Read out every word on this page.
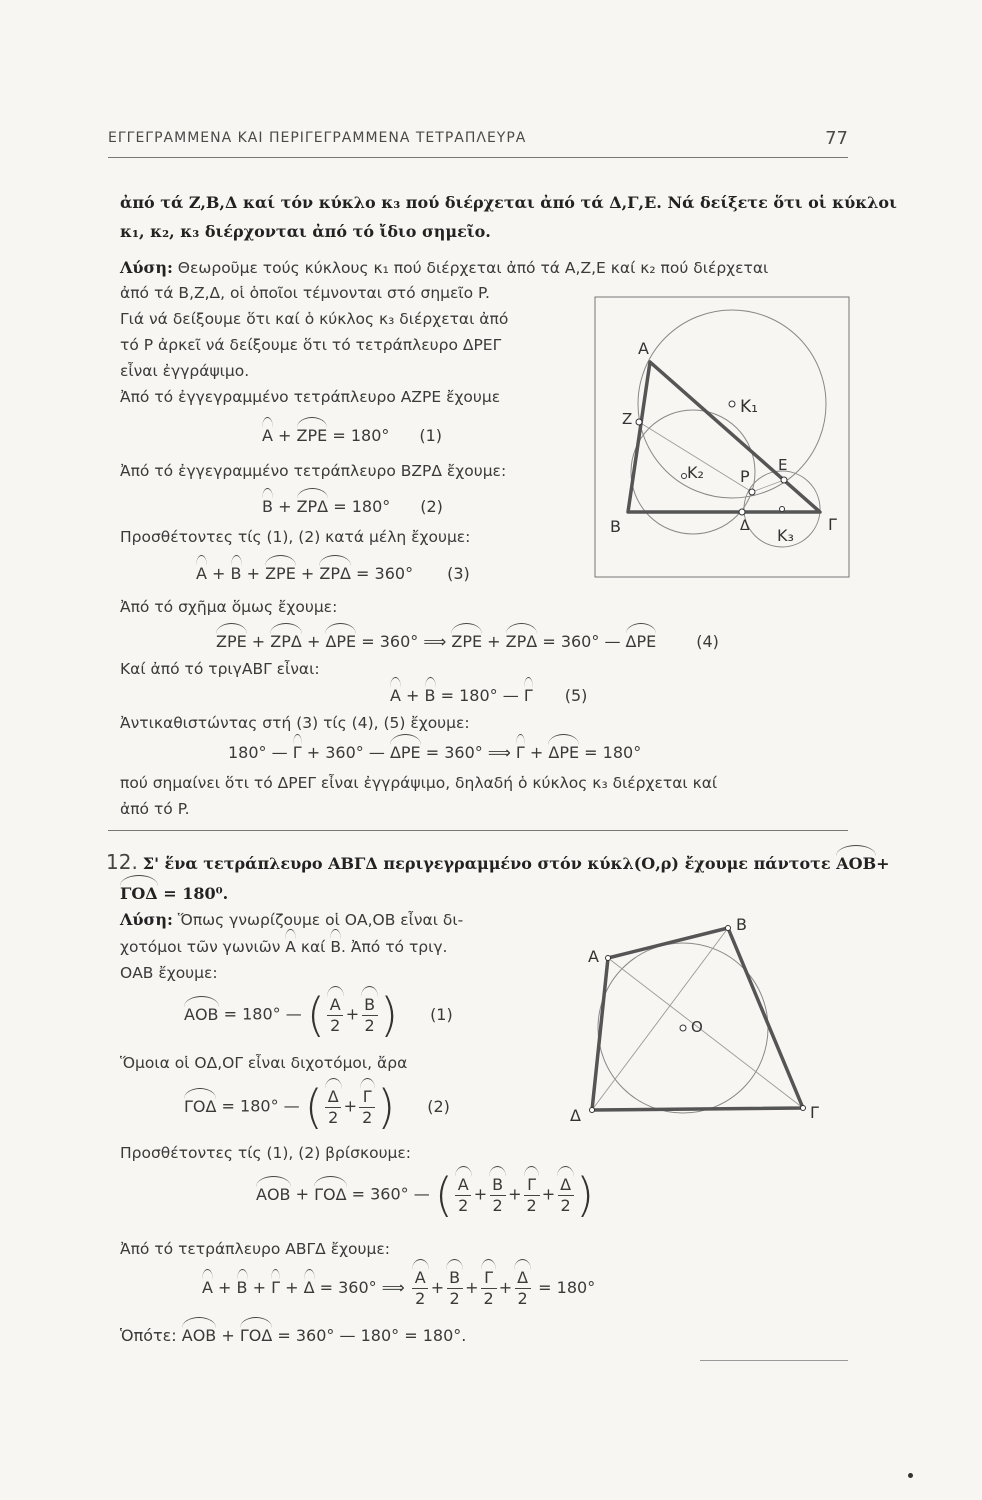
ΕΓΓΕΓΡΑΜΜΕΝΑ ΚΑΙ ΠΕΡΙΓΕΓΡΑΜΜΕΝΑ ΤΕΤΡΑΠΛΕΥΡΑ	77
ἀπό τά Z,B,Δ καί τόν κύκλο κ₃ πού διέρχεται ἀπό τά Δ,Γ,Ε. Νά δείξετε ὅτι οἱ κύκλοι
κ₁, κ₂, κ₃ διέρχονται ἀπό τό ἴδιο σημεῖο.
Λύση: Θεωροῦμε τούς κύκλους κ₁ πού διέρχεται ἀπό τά Α,Ζ,Ε καί κ₂ πού διέρχεται
ἀπό τά Β,Ζ,Δ, οἱ ὁποῖοι τέμνονται στό σημεῖο P.
Γιά νά δείξουμε ὅτι καί ὁ κύκλος κ₃ διέρχεται ἀπό
τό P ἀρκεῖ νά δείξουμε ὅτι τό τετράπλευρο ΔΡΕΓ
εἶναι ἐγγράψιμο.
Ἀπό τό ἐγγεγραμμένο τετράπλευρο ΑΖΡΕ ἔχουμε
Α + ΖΡΕ = 180° (1)
Ἀπό τό ἐγγεγραμμένο τετράπλευρο ΒΖΡΔ ἔχουμε:
Β + ΖΡΔ = 180° (2)
Προσθέτοντες τίς (1), (2) κατά μέλη ἔχουμε:
Α + Β + ΖΡΕ + ΖΡΔ = 360° (3)
Ἀπό τό σχῆμα ὅμως ἔχουμε:
ΖΡΕ + ΖΡΔ + ΔΡΕ = 360° ⟹ ΖΡΕ + ΖΡΔ = 360° — ΔΡΕ	(4)
Καί ἀπό τό τριγΑΒΓ εἶναι:
Α + Β = 180° — Γ (5)
Ἀντικαθιστώντας στή (3) τίς (4), (5) ἔχουμε:
180° — Γ + 360° — ΔΡΕ = 360° ⟹ Γ + ΔΡΕ = 180°
πού σημαίνει ὅτι τό ΔΡΕΓ εἶναι ἐγγράψιμο, δηλαδή ὁ κύκλος κ₃ διέρχεται καί
ἀπό τό P.
Α
Z
Β	Γ
Δ
Ε
P
K₁
K₂
K₃
12. Σ' ἕνα τετράπλευρο ΑΒΓΔ περιγεγραμμένο στόν κύκλ(Ο,ρ) ἔχουμε πάντοτε ΑΟΒ+
ΓΟΔ = 180⁰.
Λύση: Ὅπως γνωρίζουμε οἱ ΟΑ,ΟΒ εἶναι δι-
χοτόμοι τῶν γωνιῶν Α καί Β. Ἀπό τό τριγ.
ΟΑΒ ἔχουμε:
ΑΟΒ = 180° — ( $\frac{A}{2} + \frac{B}{2}$ ) (1)
Ὅμοια οἱ ΟΔ,ΟΓ εἶναι διχοτόμοι, ἄρα
ΓΟΔ = 180° — ( $\frac{\Delta}{2} + \frac{\Gamma}{2}$ ) (2)
Προσθέτοντες τίς (1), (2) βρίσκουμε:
ΑΟΒ + ΓΟΔ = 360° — ( $\frac{A}{2} + \frac{B}{2} + \frac{\Gamma}{2} + \frac{\Delta}{2}$ )
Ἀπό τό τετράπλευρο ΑΒΓΔ ἔχουμε:
Α + Β + Γ + Δ = 360° ⟹ $\frac{A}{2} + \frac{B}{2} + \frac{\Gamma}{2} + \frac{\Delta}{2} = 180^\circ$
Ὁπότε: ΑΟΒ + ΓΟΔ = 360° — 180° = 180°.
Α
Β
Γ
Δ
Ο
